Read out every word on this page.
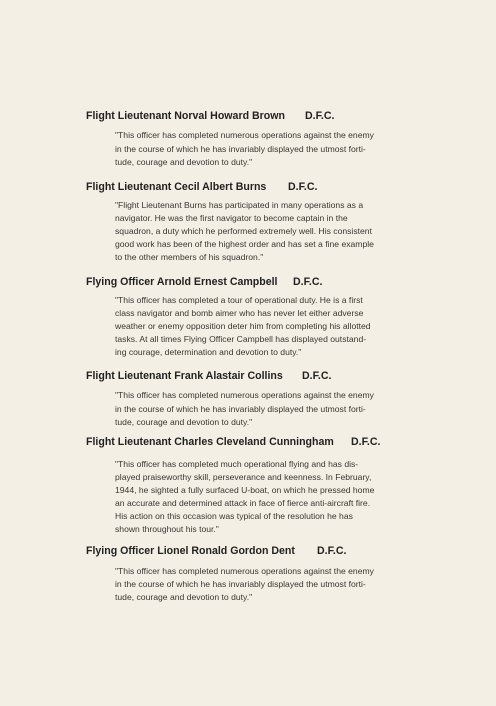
Flight Lieutenant Norval Howard Brown D.F.C.
"This officer has completed numerous operations against the enemy
in the course of which he has invariably displayed the utmost forti-
tude, courage and devotion to duty."
Flight Lieutenant Cecil Albert Burns D.F.C.
"Flight Lieutenant Burns has participated in many operations as a
navigator. He was the first navigator to become captain in the
squadron, a duty which he performed extremely well. His consistent
good work has been of the highest order and has set a fine example
to the other members of his squadron."
Flying Officer Arnold Ernest Campbell D.F.C.
"This officer has completed a tour of operational duty. He is a first
class navigator and bomb aimer who has never let either adverse
weather or enemy opposition deter him from completing his allotted
tasks. At all times Flying Officer Campbell has displayed outstand-
ing courage, determination and devotion to duty."
Flight Lieutenant Frank Alastair Collins D.F.C.
"This officer has completed numerous operations against the enemy
in the course of which he has invariably displayed the utmost forti-
tude, courage and devotion to duty."
Flight Lieutenant Charles Cleveland Cunningham D.F.C.
"This officer has completed much operational flying and has dis-
played praiseworthy skill, perseverance and keenness. In February,
1944, he sighted a fully surfaced U-boat, on which he pressed home
an accurate and determined attack in face of fierce anti-aircraft fire.
His action on this occasion was typical of the resolution he has
shown throughout his tour."
Flying Officer Lionel Ronald Gordon Dent D.F.C.
"This officer has completed numerous operations against the enemy
in the course of which he has invariably displayed the utmost forti-
tude, courage and devotion to duty."
